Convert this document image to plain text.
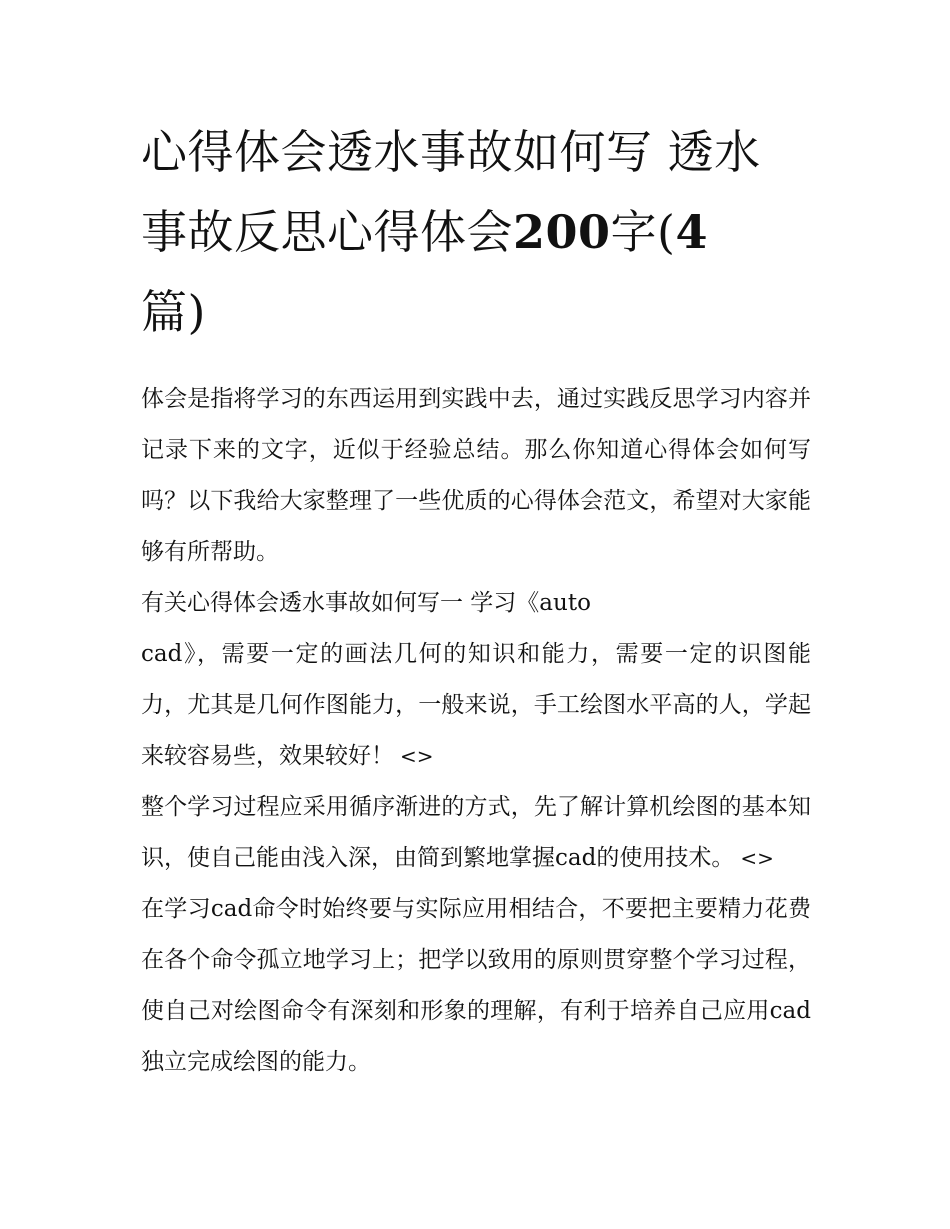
心得体会透水事故如何写 透水
事故反思心得体会200字(4
篇)

体会是指将学习的东西运用到实践中去，通过实践反思学习内容并记录下来的文字，近似于经验总结。那么你知道心得体会如何写吗？以下我给大家整理了一些优质的心得体会范文，希望对大家能够有所帮助。

有关心得体会透水事故如何写一 学习《auto

cad》，需要一定的画法几何的知识和能力，需要一定的识图能力，尤其是几何作图能力，一般来说，手工绘图水平高的人，学起来较容易些，效果较好！ <>

整个学习过程应采用循序渐进的方式，先了解计算机绘图的基本知识，使自己能由浅入深，由简到繁地掌握cad的使用技术。 <>

在学习cad命令时始终要与实际应用相结合，不要把主要精力花费在各个命令孤立地学习上；把学以致用的原则贯穿整个学习过程，使自己对绘图命令有深刻和形象的理解，有利于培养自己应用cad独立完成绘图的能力。
